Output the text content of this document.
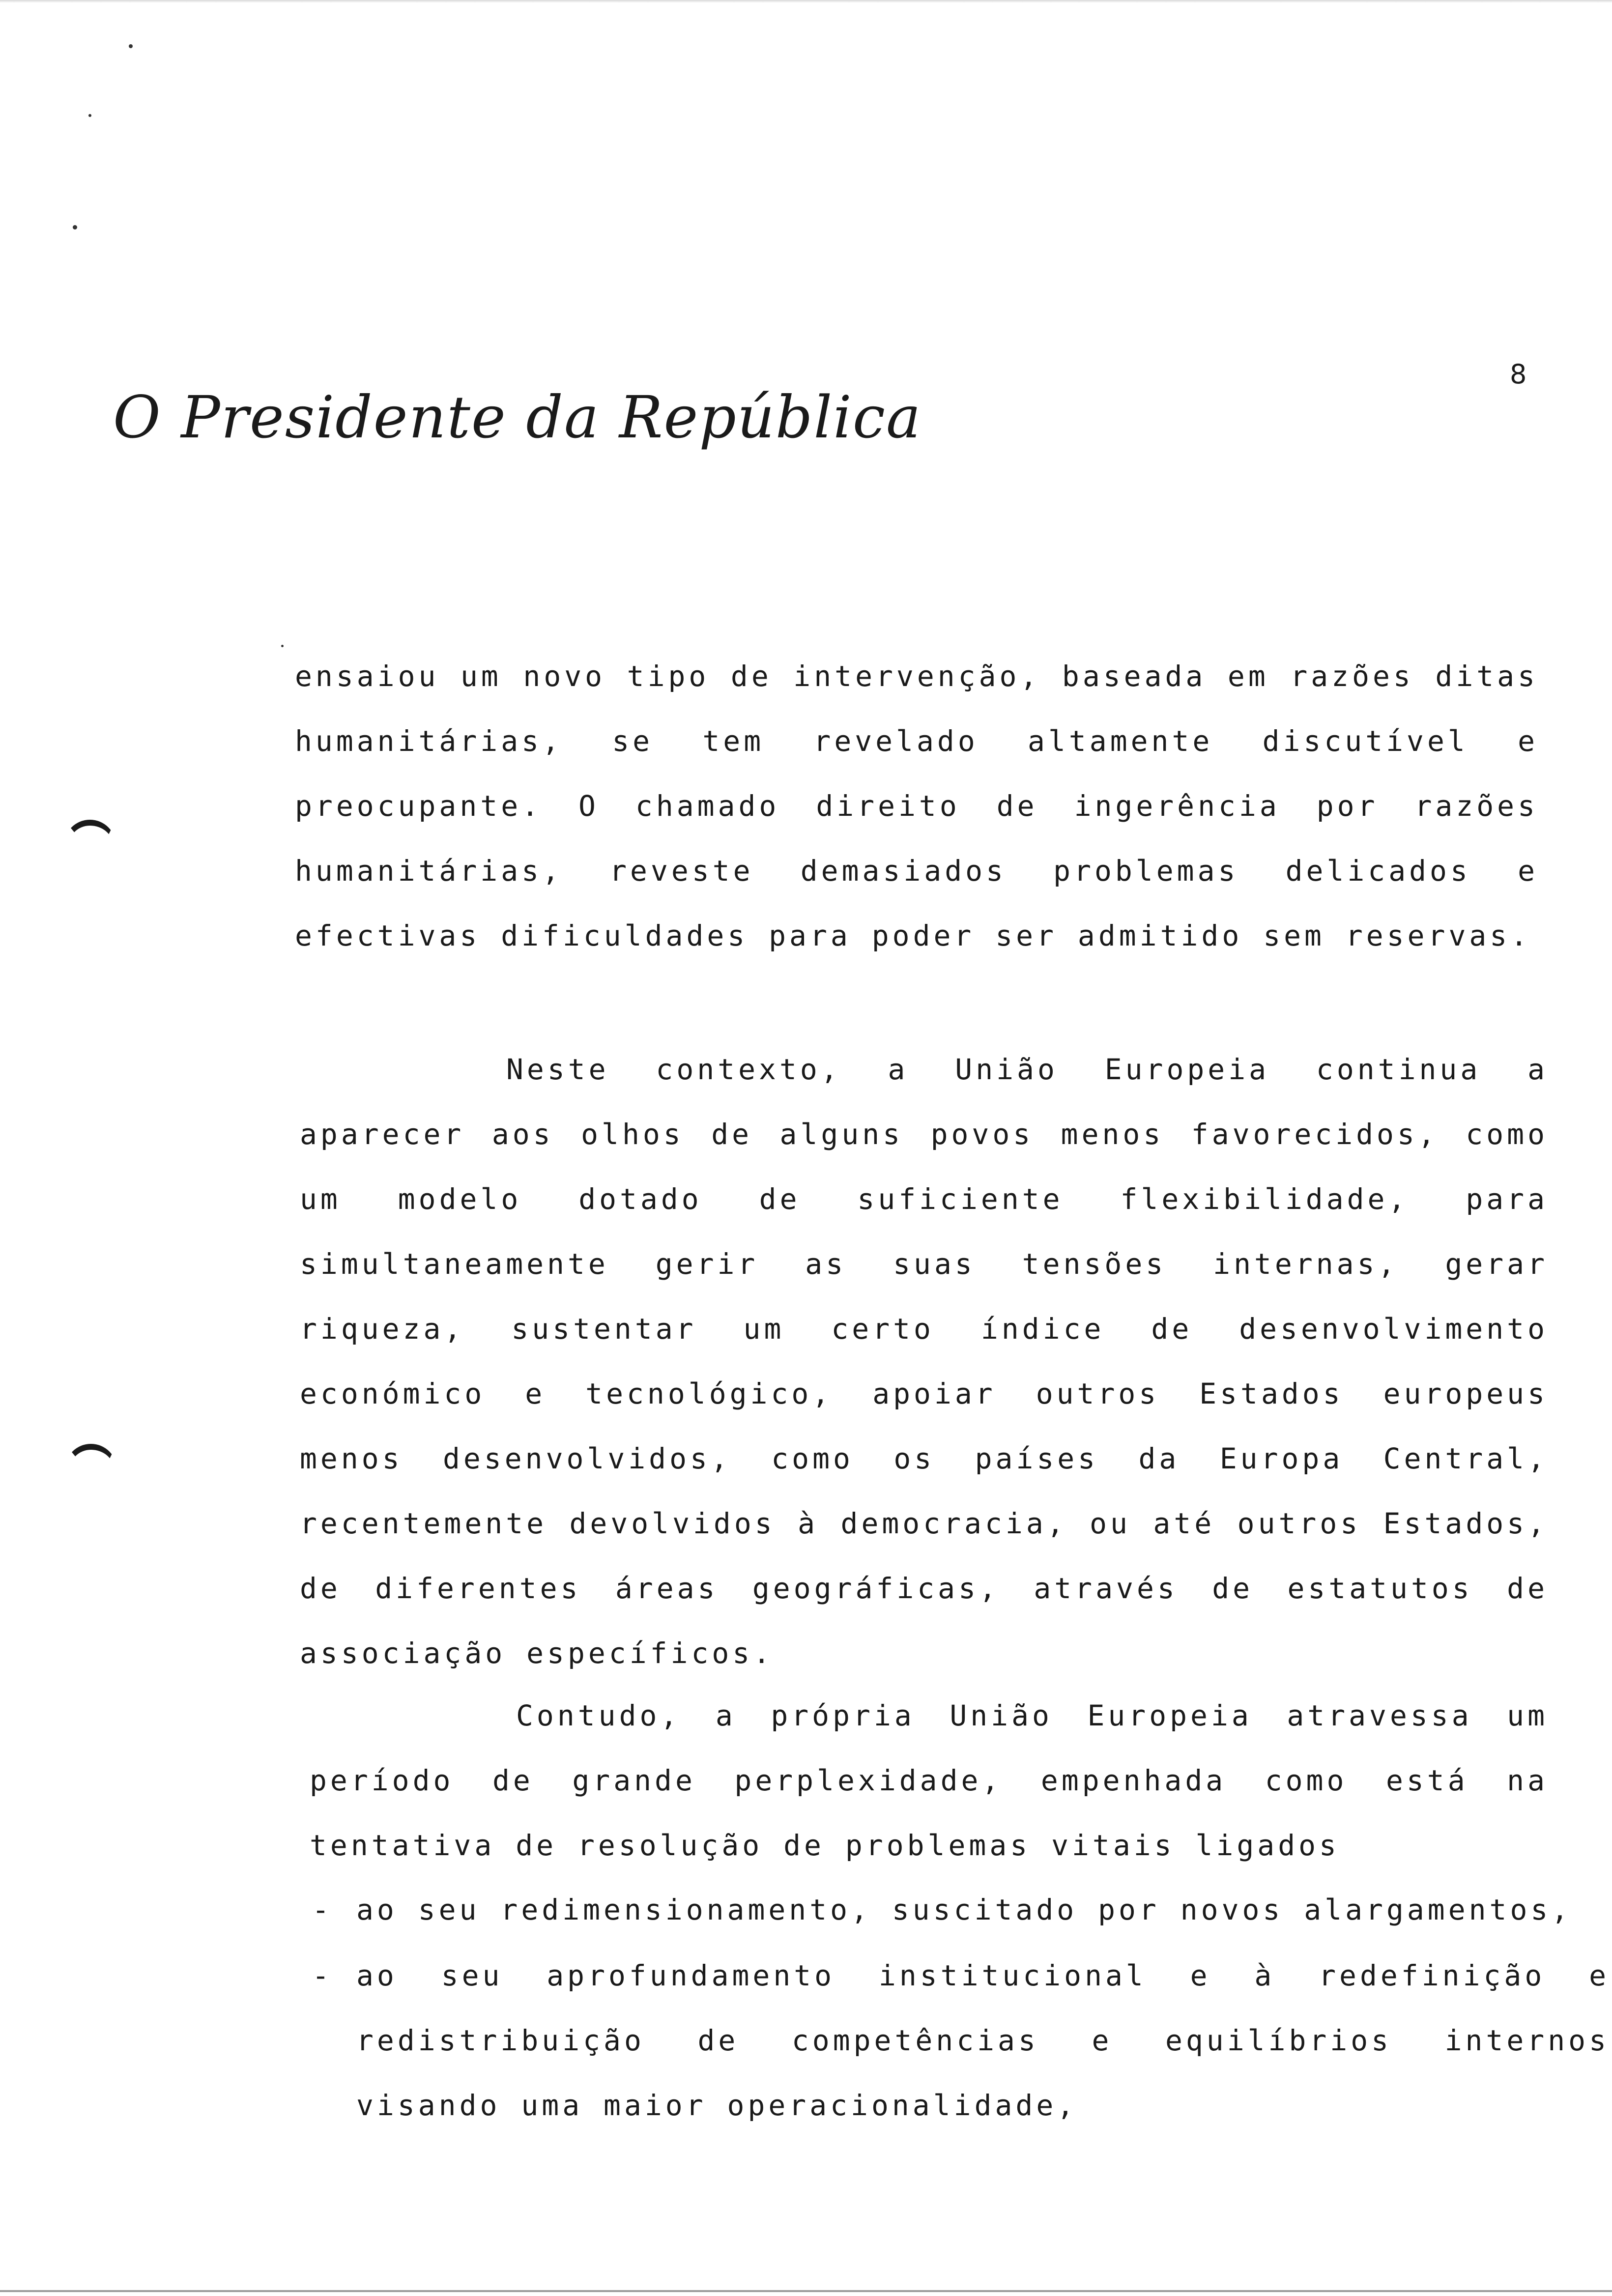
O Presidente da República
8

ensaiou um novo tipo de intervenção, baseada em razões ditas humanitárias, se tem revelado altamente discutível e preocupante. O chamado direito de ingerência por razões humanitárias, reveste demasiados problemas delicados e efectivas dificuldades para poder ser admitido sem reservas.

Neste contexto, a União Europeia continua a aparecer aos olhos de alguns povos menos favorecidos, como um modelo dotado de suficiente flexibilidade, para simultaneamente gerir as suas tensões internas, gerar riqueza, sustentar um certo índice de desenvolvimento económico e tecnológico, apoiar outros Estados europeus menos desenvolvidos, como os países da Europa Central, recentemente devolvidos à democracia, ou até outros Estados, de diferentes áreas geográficas, através de estatutos de associação específicos.

Contudo, a própria União Europeia atravessa um período de grande perplexidade, empenhada como está na tentativa de resolução de problemas vitais ligados

- ao seu redimensionamento, suscitado por novos alargamentos,
- ao seu aprofundamento institucional e à redefinição e redistribuição de competências e equilíbrios internos visando uma maior operacionalidade,
